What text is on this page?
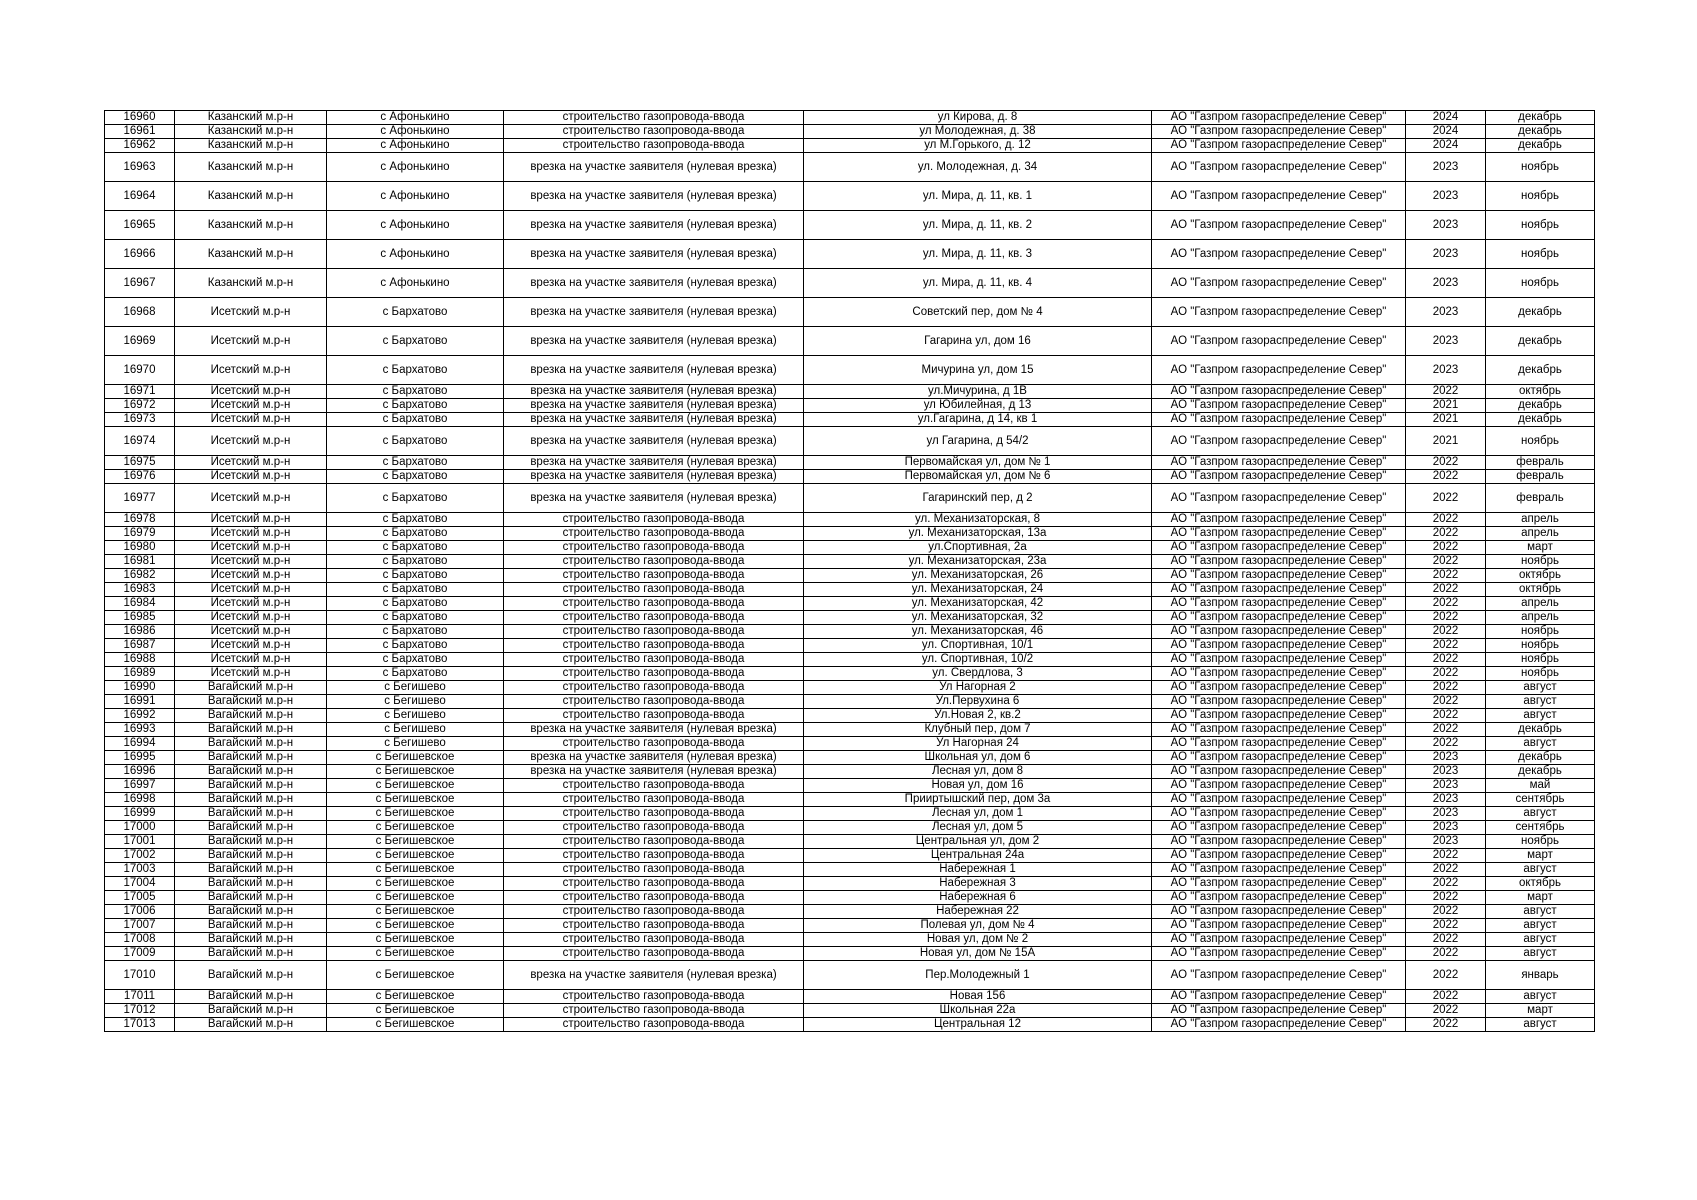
16960	Казанский м.р-н	с Афонькино	строительство газопровода-ввода	ул Кирова, д. 8	АО "Газпром газораспределение Север"	2024	декабрь
16961	Казанский м.р-н	с Афонькино	строительство газопровода-ввода	ул Молодежная, д. 38	АО "Газпром газораспределение Север"	2024	декабрь
16962	Казанский м.р-н	с Афонькино	строительство газопровода-ввода	ул М.Горького, д. 12	АО "Газпром газораспределение Север"	2024	декабрь
16963	Казанский м.р-н	с Афонькино	врезка на участке заявителя (нулевая врезка)	ул. Молодежная, д. 34	АО "Газпром газораспределение Север"	2023	ноябрь
16964	Казанский м.р-н	с Афонькино	врезка на участке заявителя (нулевая врезка)	ул. Мира, д. 11, кв. 1	АО "Газпром газораспределение Север"	2023	ноябрь
16965	Казанский м.р-н	с Афонькино	врезка на участке заявителя (нулевая врезка)	ул. Мира, д. 11, кв. 2	АО "Газпром газораспределение Север"	2023	ноябрь
16966	Казанский м.р-н	с Афонькино	врезка на участке заявителя (нулевая врезка)	ул. Мира, д. 11, кв. 3	АО "Газпром газораспределение Север"	2023	ноябрь
16967	Казанский м.р-н	с Афонькино	врезка на участке заявителя (нулевая врезка)	ул. Мира, д. 11, кв. 4	АО "Газпром газораспределение Север"	2023	ноябрь
16968	Исетский м.р-н	с Бархатово	врезка на участке заявителя (нулевая врезка)	Советский пер, дом № 4	АО "Газпром газораспределение Север"	2023	декабрь
16969	Исетский м.р-н	с Бархатово	врезка на участке заявителя (нулевая врезка)	Гагарина ул, дом 16	АО "Газпром газораспределение Север"	2023	декабрь
16970	Исетский м.р-н	с Бархатово	врезка на участке заявителя (нулевая врезка)	Мичурина ул, дом 15	АО "Газпром газораспределение Север"	2023	декабрь
16971	Исетский м.р-н	с Бархатово	врезка на участке заявителя (нулевая врезка)	ул.Мичурина, д 1В	АО "Газпром газораспределение Север"	2022	октябрь
16972	Исетский м.р-н	с Бархатово	врезка на участке заявителя (нулевая врезка)	ул Юбилейная, д 13	АО "Газпром газораспределение Север"	2021	декабрь
16973	Исетский м.р-н	с Бархатово	врезка на участке заявителя (нулевая врезка)	ул.Гагарина, д 14, кв 1	АО "Газпром газораспределение Север"	2021	декабрь
16974	Исетский м.р-н	с Бархатово	врезка на участке заявителя (нулевая врезка)	ул Гагарина, д 54/2	АО "Газпром газораспределение Север"	2021	ноябрь
16975	Исетский м.р-н	с Бархатово	врезка на участке заявителя (нулевая врезка)	Первомайская ул, дом № 1	АО "Газпром газораспределение Север"	2022	февраль
16976	Исетский м.р-н	с Бархатово	врезка на участке заявителя (нулевая врезка)	Первомайская ул, дом № 6	АО "Газпром газораспределение Север"	2022	февраль
16977	Исетский м.р-н	с Бархатово	врезка на участке заявителя (нулевая врезка)	Гагаринский пер, д 2	АО "Газпром газораспределение Север"	2022	февраль
16978	Исетский м.р-н	с Бархатово	строительство газопровода-ввода	ул. Механизаторская, 8	АО "Газпром газораспределение Север"	2022	апрель
16979	Исетский м.р-н	с Бархатово	строительство газопровода-ввода	ул. Механизаторская, 13а	АО "Газпром газораспределение Север"	2022	апрель
16980	Исетский м.р-н	с Бархатово	строительство газопровода-ввода	ул.Спортивная, 2а	АО "Газпром газораспределение Север"	2022	март
16981	Исетский м.р-н	с Бархатово	строительство газопровода-ввода	ул. Механизаторская, 23а	АО "Газпром газораспределение Север"	2022	ноябрь
16982	Исетский м.р-н	с Бархатово	строительство газопровода-ввода	ул. Механизаторская, 26	АО "Газпром газораспределение Север"	2022	октябрь
16983	Исетский м.р-н	с Бархатово	строительство газопровода-ввода	ул. Механизаторская, 24	АО "Газпром газораспределение Север"	2022	октябрь
16984	Исетский м.р-н	с Бархатово	строительство газопровода-ввода	ул. Механизаторская, 42	АО "Газпром газораспределение Север"	2022	апрель
16985	Исетский м.р-н	с Бархатово	строительство газопровода-ввода	ул. Механизаторская, 32	АО "Газпром газораспределение Север"	2022	апрель
16986	Исетский м.р-н	с Бархатово	строительство газопровода-ввода	ул. Механизаторская, 46	АО "Газпром газораспределение Север"	2022	ноябрь
16987	Исетский м.р-н	с Бархатово	строительство газопровода-ввода	ул. Спортивная, 10/1	АО "Газпром газораспределение Север"	2022	ноябрь
16988	Исетский м.р-н	с Бархатово	строительство газопровода-ввода	ул. Спортивная, 10/2	АО "Газпром газораспределение Север"	2022	ноябрь
16989	Исетский м.р-н	с Бархатово	строительство газопровода-ввода	ул. Свердлова, 3	АО "Газпром газораспределение Север"	2022	ноябрь
16990	Вагайский м.р-н	с Бегишево	строительство газопровода-ввода	Ул Нагорная 2	АО "Газпром газораспределение Север"	2022	август
16991	Вагайский м.р-н	с Бегишево	строительство газопровода-ввода	Ул.Первухина 6	АО "Газпром газораспределение Север"	2022	август
16992	Вагайский м.р-н	с Бегишево	строительство газопровода-ввода	Ул.Новая 2, кв.2	АО "Газпром газораспределение Север"	2022	август
16993	Вагайский м.р-н	с Бегишево	врезка на участке заявителя (нулевая врезка)	Клубный пер, дом 7	АО "Газпром газораспределение Север"	2022	декабрь
16994	Вагайский м.р-н	с Бегишево	строительство газопровода-ввода	Ул Нагорная 24	АО "Газпром газораспределение Север"	2022	август
16995	Вагайский м.р-н	с Бегишевское	врезка на участке заявителя (нулевая врезка)	Школьная ул, дом 6	АО "Газпром газораспределение Север"	2023	декабрь
16996	Вагайский м.р-н	с Бегишевское	врезка на участке заявителя (нулевая врезка)	Лесная ул, дом 8	АО "Газпром газораспределение Север"	2023	декабрь
16997	Вагайский м.р-н	с Бегишевское	строительство газопровода-ввода	Новая ул, дом 16	АО "Газпром газораспределение Север"	2023	май
16998	Вагайский м.р-н	с Бегишевское	строительство газопровода-ввода	Прииртышский пер, дом 3а	АО "Газпром газораспределение Север"	2023	сентябрь
16999	Вагайский м.р-н	с Бегишевское	строительство газопровода-ввода	Лесная ул, дом 1	АО "Газпром газораспределение Север"	2023	август
17000	Вагайский м.р-н	с Бегишевское	строительство газопровода-ввода	Лесная ул, дом 5	АО "Газпром газораспределение Север"	2023	сентябрь
17001	Вагайский м.р-н	с Бегишевское	строительство газопровода-ввода	Центральная ул, дом 2	АО "Газпром газораспределение Север"	2023	ноябрь
17002	Вагайский м.р-н	с Бегишевское	строительство газопровода-ввода	Центральная 24а	АО "Газпром газораспределение Север"	2022	март
17003	Вагайский м.р-н	с Бегишевское	строительство газопровода-ввода	Набережная 1	АО "Газпром газораспределение Север"	2022	август
17004	Вагайский м.р-н	с Бегишевское	строительство газопровода-ввода	Набережная 3	АО "Газпром газораспределение Север"	2022	октябрь
17005	Вагайский м.р-н	с Бегишевское	строительство газопровода-ввода	Набережная 6	АО "Газпром газораспределение Север"	2022	март
17006	Вагайский м.р-н	с Бегишевское	строительство газопровода-ввода	Набережная 22	АО "Газпром газораспределение Север"	2022	август
17007	Вагайский м.р-н	с Бегишевское	строительство газопровода-ввода	Полевая ул, дом № 4	АО "Газпром газораспределение Север"	2022	август
17008	Вагайский м.р-н	с Бегишевское	строительство газопровода-ввода	Новая ул, дом № 2	АО "Газпром газораспределение Север"	2022	август
17009	Вагайский м.р-н	с Бегишевское	строительство газопровода-ввода	Новая ул, дом № 15А	АО "Газпром газораспределение Север"	2022	август
17010	Вагайский м.р-н	с Бегишевское	врезка на участке заявителя (нулевая врезка)	Пер.Молодежный 1	АО "Газпром газораспределение Север"	2022	январь
17011	Вагайский м.р-н	с Бегишевское	строительство газопровода-ввода	Новая 156	АО "Газпром газораспределение Север"	2022	август
17012	Вагайский м.р-н	с Бегишевское	строительство газопровода-ввода	Школьная 22а	АО "Газпром газораспределение Север"	2022	март
17013	Вагайский м.р-н	с Бегишевское	строительство газопровода-ввода	Центральная 12	АО "Газпром газораспределение Север"	2022	август
